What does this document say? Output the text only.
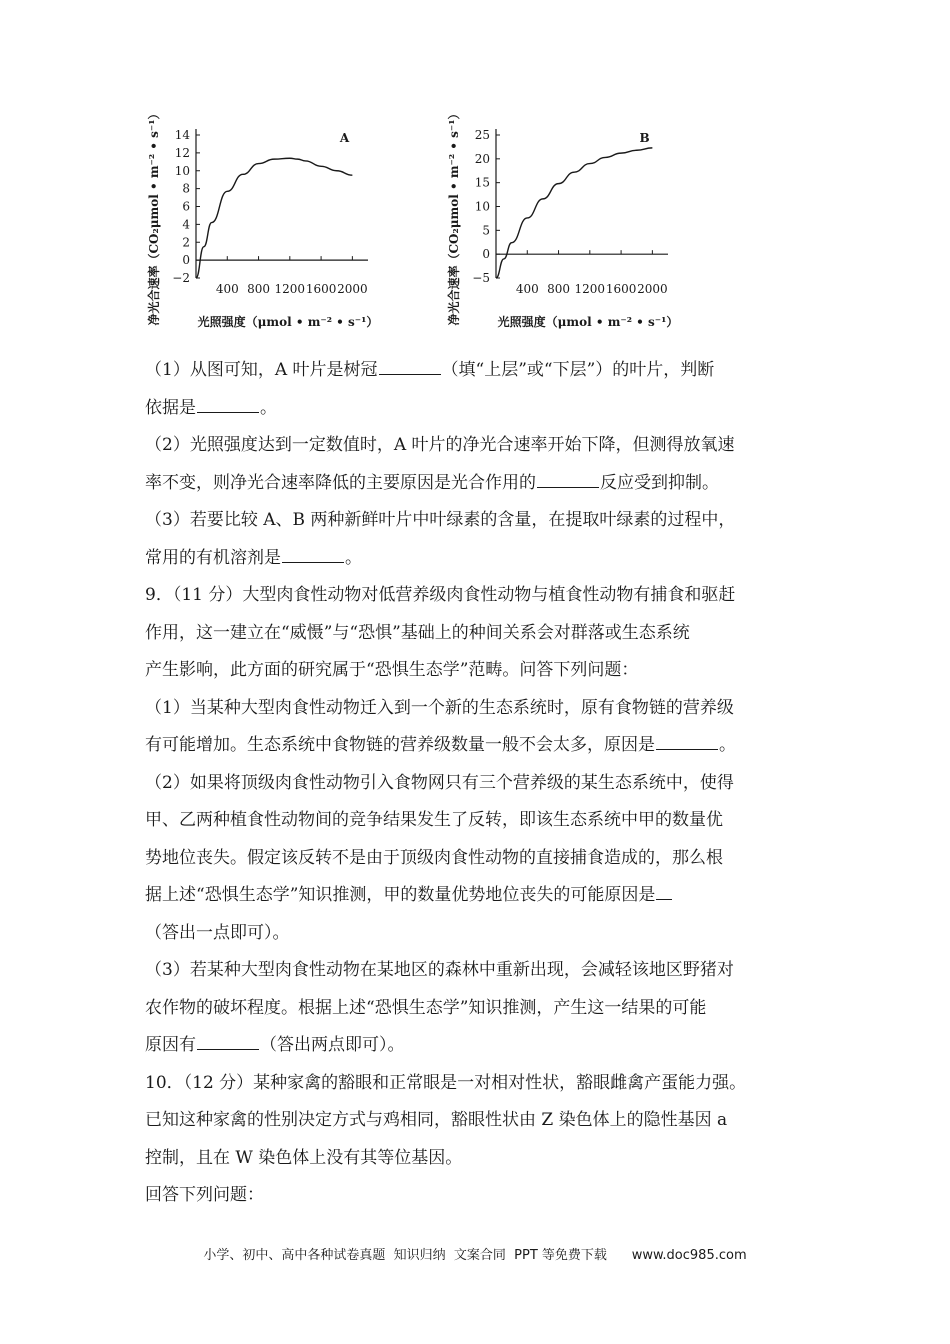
−2
0
2
4
6
8
10
12
14
400 800 1200 1600 2000
A
光照强度（μmol • m⁻² • s⁻¹）
净光合速率（CO₂μmol • m⁻² • s⁻¹）	−5
0
5
10
15
20
25
400 800 1200 1600 2000
B
光照强度（μmol • m⁻² • s⁻¹）
净光合速率（CO₂μmol • m⁻² • s⁻¹）

（1）从图可知，A 叶片是树冠	（填“上层”或“下层”）的叶片，判断
依据是	。

（2）光照强度达到一定数值时，A 叶片的净光合速率开始下降，但测得放氧速
率不变，则净光合速率降低的主要原因是光合作用的	反应受到抑制。

（3）若要比较 A、B 两种新鲜叶片中叶绿素的含量，在提取叶绿素的过程中，
常用的有机溶剂是	。

9．（11 分）大型肉食性动物对低营养级肉食性动物与植食性动物有捕食和驱赶
作用，这一建立在“威慑”与“恐惧”基础上的种间关系会对群落或生态系统
产生影响，此方面的研究属于“恐惧生态学”范畴。问答下列问题：

（1）当某种大型肉食性动物迁入到一个新的生态系统时，原有食物链的营养级
有可能增加。生态系统中食物链的营养级数量一般不会太多，原因是	。

（2）如果将顶级肉食性动物引入食物网只有三个营养级的某生态系统中，使得
甲、乙两种植食性动物间的竞争结果发生了反转，即该生态系统中甲的数量优
势地位丧失。假定该反转不是由于顶级肉食性动物的直接捕食造成的，那么根
据上述“恐惧生态学”知识推测，甲的数量优势地位丧失的可能原因是
（答出一点即可）。

（3）若某种大型肉食性动物在某地区的森林中重新出现，会减轻该地区野猪对
农作物的破坏程度。根据上述“恐惧生态学”知识推测，产生这一结果的可能
原因有	（答出两点即可）。

10．（12 分）某种家禽的豁眼和正常眼是一对相对性状，豁眼雌禽产蛋能力强。
已知这种家禽的性别决定方式与鸡相同，豁眼性状由 Z 染色体上的隐性基因 a
控制，且在 W 染色体上没有其等位基因。
回答下列问题：

小学、初中、高中各种试卷真题  知识归纳  文案合同  PPT 等免费下载 www.doc985.com
